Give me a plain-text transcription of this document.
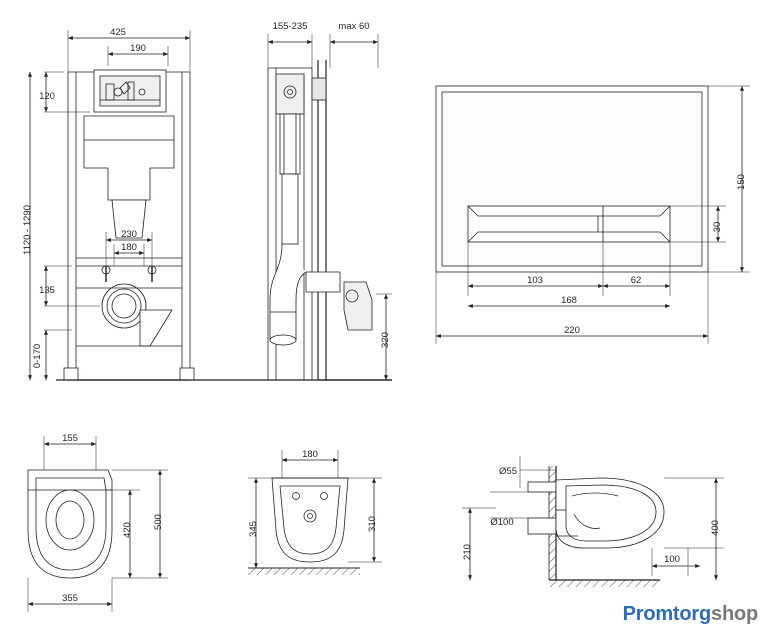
425
190
120
1120 - 1290	230
180
135
0-170
155-235	max 60
320
150
30
103	62
168
220
155
420
500
355
180
345	310
Ø55
Ø100
210
400
100
Promtorgshop
